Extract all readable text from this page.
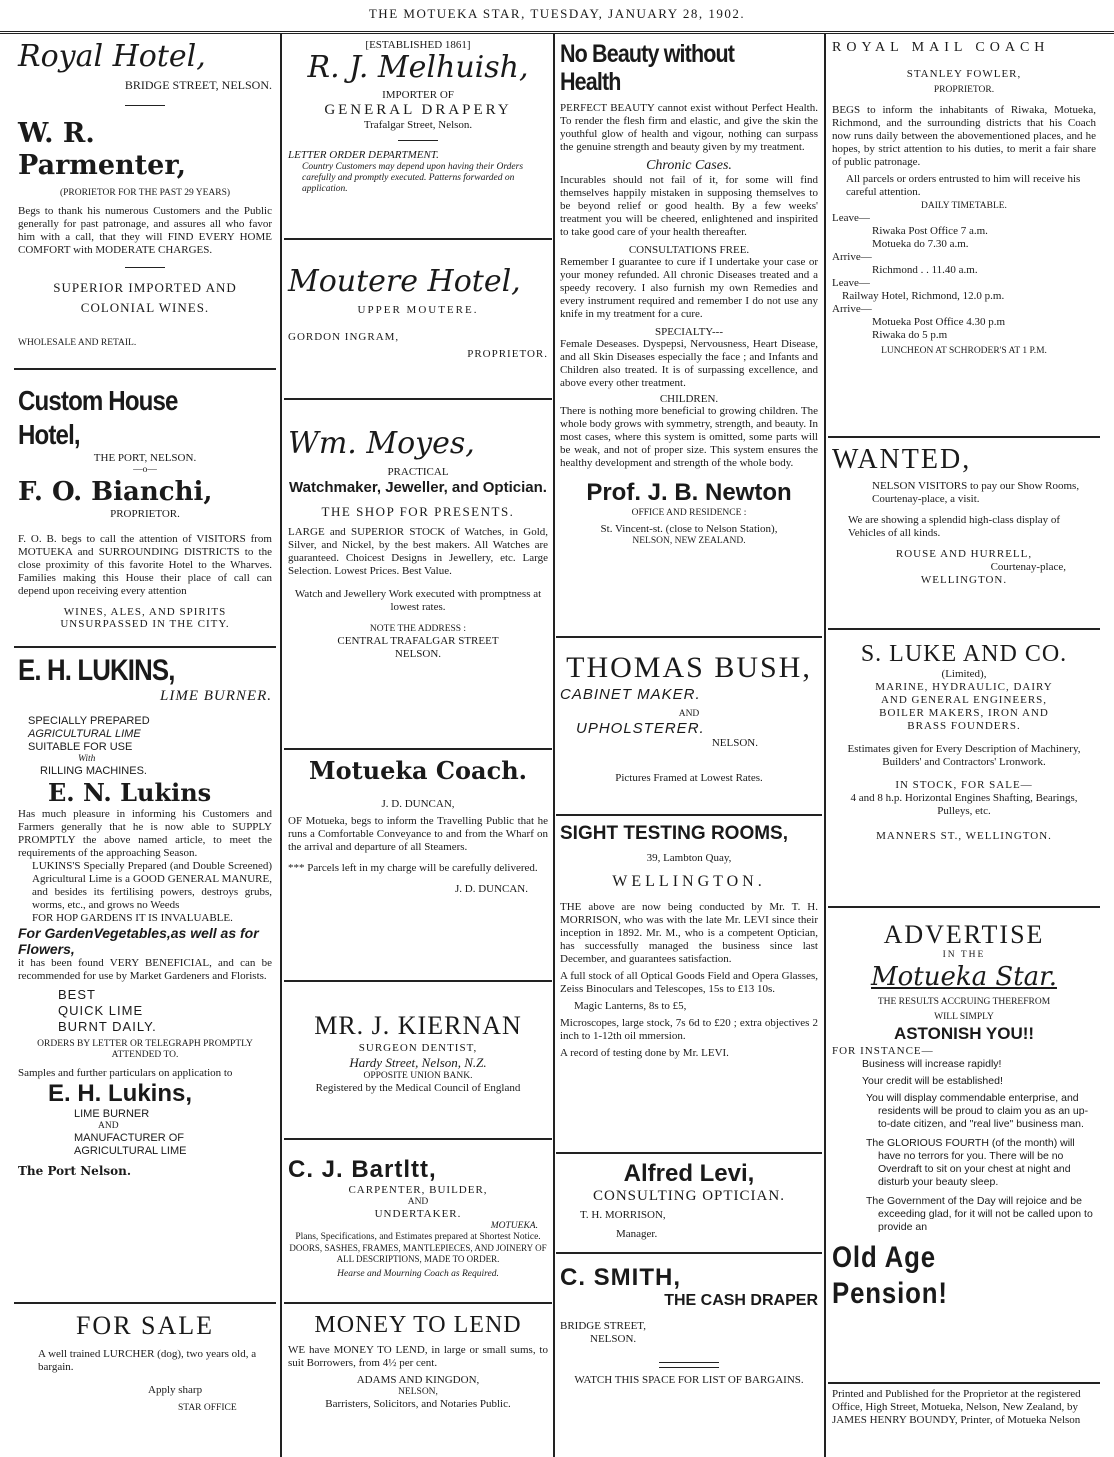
THE MOTUEKA STAR, TUESDAY, JANUARY 28, 1902.
Royal Hotel,
BRIDGE STREET, NELSON.
W. R. Parmenter,
(PRORIETOR FOR THE PAST 29 YEARS)
Begs to thank his numerous Customers and the Public generally for past patronage, and assures all who favor him with a call, that they will FIND EVERY HOME COMFORT with MODERATE CHARGES.
SUPERIOR IMPORTED AND COLONIAL WINES.
WHOLESALE AND RETAIL.
Custom House Hotel,
THE PORT, NELSON.
—o—
F. O. Bianchi,
PROPRIETOR.
F. O. B. begs to call the attention of VISITORS from MOTUEKA and SURROUNDING DISTRICTS to the close proximity of this favorite Hotel to the Wharves. Families making this House their place of call can depend upon receiving every attention
WINES, ALES, AND SPIRITS UNSURPASSED IN THE CITY.
E. H. LUKINS,
LIME BURNER.
SPECIALLY PREPARED
AGRICULTURAL LIME
SUITABLE FOR USE
With
RILLING MACHINES.
E. N. Lukins
Has much pleasure in informing his Customers and Farmers generally that he is now able to SUPPLY PROMPTLY the above named article, to meet the requirements of the approaching Season.
LUKINS'S Specially Prepared (and Double Screened) Agricultural Lime is a GOOD GENERAL MANURE, and besides its fertilising powers, destroys grubs, worms, etc., and grows no Weeds
FOR HOP GARDENS IT IS INVALUABLE.
For GardenVegetables,as well as for Flowers,
it has been found VERY BENEFICIAL, and can be recommended for use by Market Gardeners and Florists.
BEST
QUICK LIME
BURNT DAILY.
ORDERS BY LETTER OR TELEGRAPH PROMPTLY ATTENDED TO.
Samples and further particulars on application to
E. H. Lukins,
LIME BURNER
AND
MANUFACTURER OF
AGRICULTURAL LIME
The Port Nelson.
FOR SALE
A well trained LURCHER (dog), two years old, a bargain.
Apply sharp
STAR OFFICE
[ESTABLISHED 1861]
R. J. Melhuish,
IMPORTER OF
GENERAL DRAPERY
Trafalgar Street, Nelson.
LETTER ORDER DEPARTMENT.
Country Customers may depend upon having their Orders carefully and promptly executed. Patterns forwarded on application.
Moutere Hotel,
UPPER MOUTERE.
GORDON INGRAM,
PROPRIETOR.
Wm. Moyes,
PRACTICAL
Watchmaker, Jeweller, and Optician.
THE SHOP FOR PRESENTS.
LARGE and SUPERIOR STOCK of Watches, in Gold, Silver, and Nickel, by the best makers. All Watches are guaranteed. Choicest Designs in Jewellery, etc. Large Selection. Lowest Prices. Best Value.
Watch and Jewellery Work executed with promptness at lowest rates.
NOTE THE ADDRESS :
CENTRAL TRAFALGAR STREET
NELSON.
Motueka Coach.
J. D. DUNCAN,
OF Motueka, begs to inform the Travelling Public that he runs a Comfortable Conveyance to and from the Wharf on the arrival and departure of all Steamers.
*** Parcels left in my charge will be carefully delivered.
J. D. DUNCAN.
MR. J. KIERNAN
SURGEON DENTIST,
Hardy Street, Nelson, N.Z.
OPPOSITE UNION BANK.
Registered by the Medical Council of England
C. J. Bartltt,
CARPENTER, BUILDER,
AND
UNDERTAKER.
MOTUEKA.
Plans, Specifications, and Estimates prepared at Shortest Notice.
DOORS, SASHES, FRAMES, MANTLEPIECES, AND JOINERY OF ALL DESCRIPTIONS, MADE TO ORDER.
Hearse and Mourning Coach as Required.
MONEY TO LEND
WE have MONEY TO LEND, in large or small sums, to suit Borrowers, from 4½ per cent.
ADAMS AND KINGDON,
NELSON,
Barristers, Solicitors, and Notaries Public.
No Beauty without Health
PERFECT BEAUTY cannot exist without Perfect Health. To render the flesh firm and elastic, and give the skin the youthful glow of health and vigour, nothing can surpass the genuine strength and beauty given by my treatment.
Chronic Cases.
Incurables should not fail of it, for some will find themselves happily mistaken in supposing themselves to be beyond relief or good health. By a few weeks' treatment you will be cheered, enlightened and inspirited to take good care of your health thereafter.
CONSULTATIONS FREE.
Remember I guarantee to cure if I undertake your case or your money refunded. All chronic Diseases treated and a speedy recovery. I also furnish my own Remedies and every instrument required and remember I do not use any knife in my treatment for a cure.
SPECIALTY---
Female Deseases. Dyspepsi, Nervousness, Heart Disease, and all Skin Diseases especially the face ; and Infants and Children also treated. It is of surpassing excellence, and above every other treatment.
CHILDREN.
There is nothing more beneficial to growing children. The whole body grows with symmetry, strength, and beauty. In most cases, where this system is omitted, some parts will be weak, and not of proper size. This system ensures the healthy development and strength of the whole body.
Prof. J. B. Newton
OFFICE AND RESIDENCE :
St. Vincent-st. (close to Nelson Station),
NELSON, NEW ZEALAND.
THOMAS BUSH,
CABINET MAKER.
AND
UPHOLSTERER.
NELSON.
Pictures Framed at Lowest Rates.
SIGHT TESTING ROOMS,
39, Lambton Quay,
WELLINGTON.
THE above are now being conducted by Mr. T. H. MORRISON, who was with the late Mr. LEVI since their inception in 1892. Mr. M., who is a competent Optician, has successfully managed the business since last December, and guarantees satisfaction.
A full stock of all Optical Goods Field and Opera Glasses, Zeiss Binoculars and Telescopes, 15s to £13 10s.
Magic Lanterns, 8s to £5,
Microscopes, large stock, 7s 6d to £20 ; extra objectives 2 inch to 1-12th oil mmersion.
A record of testing done by Mr. LEVI.
Alfred Levi,
CONSULTING OPTICIAN.
T. H. MORRISON,
Manager.
C. SMITH,
THE CASH DRAPER
BRIDGE STREET,
NELSON.
WATCH THIS SPACE FOR LIST OF BARGAINS.
ROYAL MAIL COACH
STANLEY FOWLER,
PROPRIETOR.
BEGS to inform the inhabitants of Riwaka, Motueka, Richmond, and the surrounding districts that his Coach now runs daily between the abovementioned places, and he hopes, by strict attention to his duties, to merit a fair share of public patronage.
All parcels or orders entrusted to him will receive his careful attention.
DAILY TIMETABLE.
Leave—
Riwaka Post Office 7 a.m.
Motueka do 7.30 a.m.
Arrive—
Richmond . . 11.40 a.m.
Leave—
Railway Hotel, Richmond, 12.0 p.m.
Arrive—
Motueka Post Office 4.30 p.m
Riwaka do 5 p.m
LUNCHEON AT SCHRODER'S AT 1 P.M.
WANTED,
NELSON VISITORS to pay our Show Rooms, Courtenay-place, a visit.
We are showing a splendid high-class display of Vehicles of all kinds.
ROUSE AND HURRELL,
Courtenay-place,
WELLINGTON.
S. LUKE AND CO.
(Limited),
MARINE, HYDRAULIC, DAIRY
AND GENERAL ENGINEERS,
BOILER MAKERS, IRON AND
BRASS FOUNDERS.
Estimates given for Every Description of Machinery,
Builders' and Contractors' Lronwork.
IN STOCK, FOR SALE—
4 and 8 h.p. Horizontal Engines Shafting, Bearings, Pulleys, etc.
MANNERS ST., WELLINGTON.
ADVERTISE
IN THE
Motueka Star.
THE RESULTS ACCRUING THEREFROM
WILL SIMPLY
ASTONISH YOU!!
FOR INSTANCE—
Business will increase rapidly!
Your credit will be established!
You will display commendable enterprise, and residents will be proud to claim you as an up-to-date citizen, and "real live" business man.
The GLORIOUS FOURTH (of the month) will have no terrors for you. There will be no Overdraft to sit on your chest at night and disturb your beauty sleep.
The Government of the Day will rejoice and be exceeding glad, for it will not be called upon to provide an
Old Age Pension!
Printed and Published for the Proprietor at the registered Office, High Street, Motueka, Nelson, New Zealand, by JAMES HENRY BOUNDY, Printer, of Motueka Nelson
